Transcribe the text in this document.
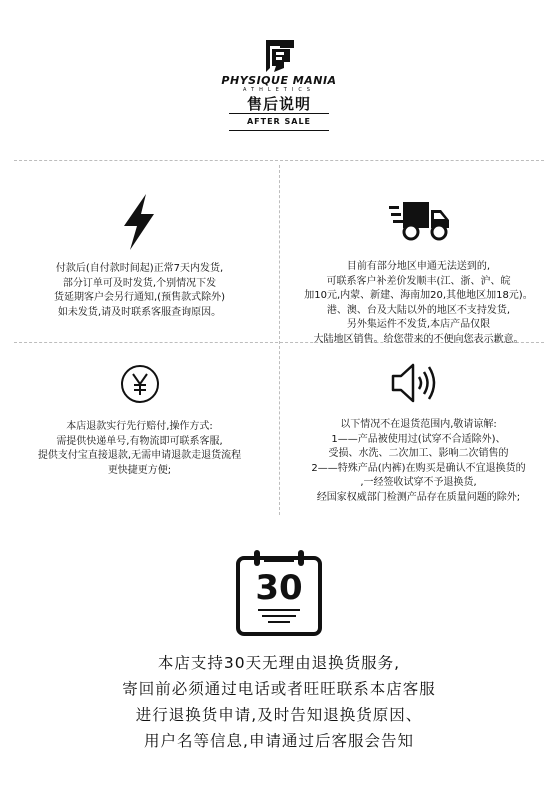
PHYSIQUE MANIA
ATHLETICS
售后说明
AFTER SALE
付款后(自付款时间起)正常7天内发货,
部分订单可及时发货,个别情况下发
货延期客户会另行通知,(预售款式除外)
如未发货,请及时联系客服查询原因。
目前有部分地区申通无法送到的,
可联系客户补差价发顺丰(江、浙、沪、皖
加10元,内蒙、新建、海南加20,其他地区加18元)。
港、澳、台及大陆以外的地区不支持发货,
另外集运件不发货,本店产品仅限
大陆地区销售。给您带来的不便向您表示歉意。
本店退款实行先行赔付,操作方式:
需提供快递单号,有物流即可联系客服,
提供支付宝直接退款,无需申请退款走退货流程
更快捷更方便;
以下情况不在退货范围内,敬请谅解:
1——产品被使用过(试穿不合适除外)、
受损、水洗、二次加工、影响二次销售的
2——特殊产品(内裤)在购买是确认不宜退换货的
,一经签收试穿不予退换货,
经国家权威部门检测产品存在质量问题的除外;
30
本店支持30天无理由退换货服务,
寄回前必须通过电话或者旺旺联系本店客服
进行退换货申请,及时告知退换货原因、
用户名等信息,申请通过后客服会告知
